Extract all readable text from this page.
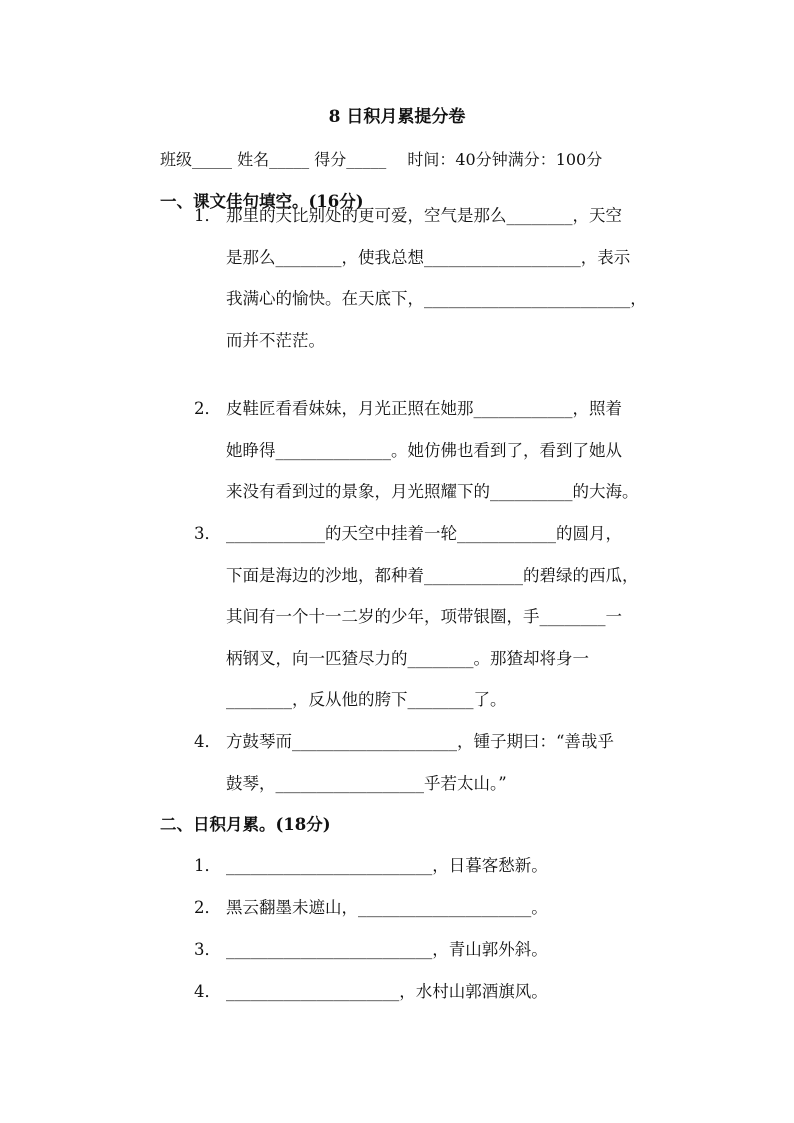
8 日积月累提分卷
班级_____ 姓名_____ 得分_____ 时间：40分钟满分：100分
一、课文佳句填空。(16分)
1． 那里的天比别处的更可爱，空气是那么________，天空
是那么________，使我总想___________________，表示
我满心的愉快。在天底下，_________________________，
而并不茫茫。
2． 皮鞋匠看看妹妹，月光正照在她那____________，照着
她睁得______________。她仿佛也看到了，看到了她从
来没有看到过的景象，月光照耀下的__________的大海。
3． ____________的天空中挂着一轮____________的圆月，
下面是海边的沙地，都种着____________的碧绿的西瓜，
其间有一个十一二岁的少年，项带银圈，手________一
柄钢叉，向一匹猹尽力的________。那猹却将身一
________，反从他的胯下________了。
4． 方鼓琴而____________________，锺子期曰：“善哉乎
鼓琴，__________________乎若太山。”
二、日积月累。(18分)
1． _________________________，日暮客愁新。
2． 黑云翻墨未遮山，_____________________。
3． _________________________，青山郭外斜。
4． _____________________，水村山郭酒旗风。
